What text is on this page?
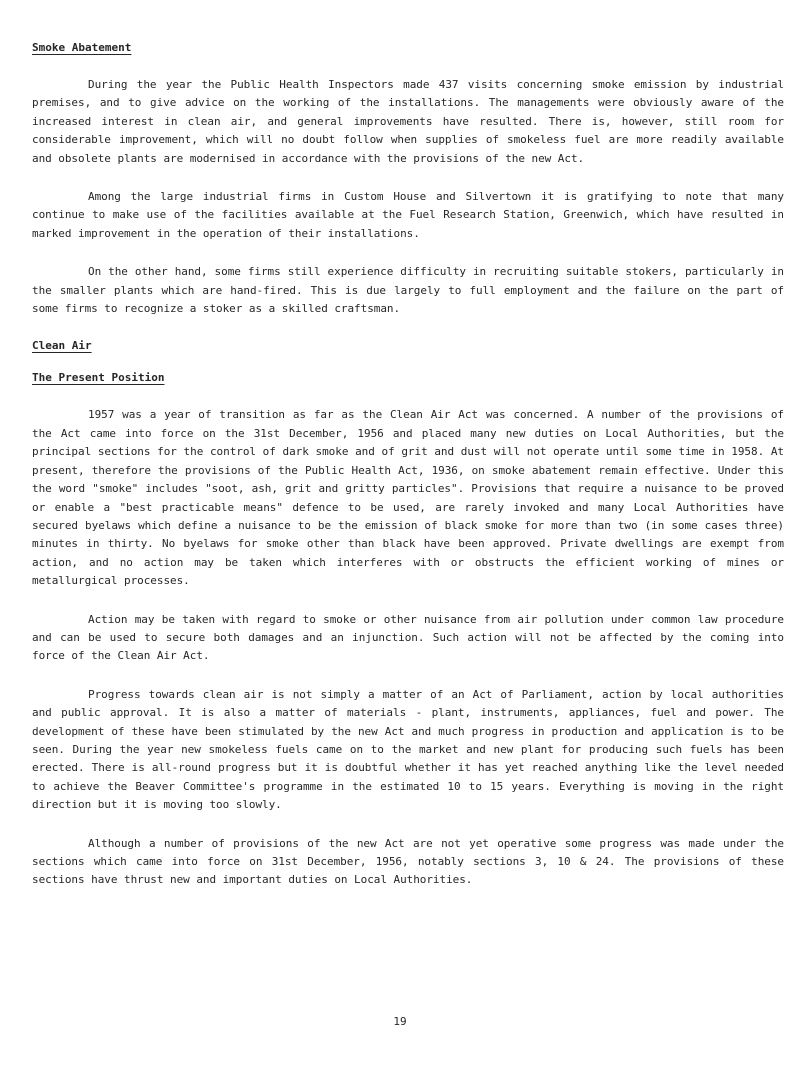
Smoke Abatement

During the year the Public Health Inspectors made 437 visits concerning smoke emission by industrial premises, and to give advice on the working of the installations. The managements were obviously aware of the increased interest in clean air, and general improvements have resulted. There is, however, still room for considerable improvement, which will no doubt follow when supplies of smokeless fuel are more readily available and obsolete plants are modernised in accordance with the provisions of the new Act.

Among the large industrial firms in Custom House and Silvertown it is gratifying to note that many continue to make use of the facilities available at the Fuel Research Station, Greenwich, which have resulted in marked improvement in the operation of their installations.

On the other hand, some firms still experience difficulty in recruiting suitable stokers, particularly in the smaller plants which are hand-fired. This is due largely to full employment and the failure on the part of some firms to recognize a stoker as a skilled craftsman.

Clean Air
The Present Position

1957 was a year of transition as far as the Clean Air Act was concerned. A number of the provisions of the Act came into force on the 31st December, 1956 and placed many new duties on Local Authorities, but the principal sections for the control of dark smoke and of grit and dust will not operate until some time in 1958. At present, therefore the provisions of the Public Health Act, 1936, on smoke abatement remain effective. Under this the word "smoke" includes "soot, ash, grit and gritty particles". Provisions that require a nuisance to be proved or enable a "best practicable means" defence to be used, are rarely invoked and many Local Authorities have secured byelaws which define a nuisance to be the emission of black smoke for more than two (in some cases three) minutes in thirty. No byelaws for smoke other than black have been approved. Private dwellings are exempt from action, and no action may be taken which interferes with or obstructs the efficient working of mines or metallurgical processes.

Action may be taken with regard to smoke or other nuisance from air pollution under common law procedure and can be used to secure both damages and an injunction. Such action will not be affected by the coming into force of the Clean Air Act.

Progress towards clean air is not simply a matter of an Act of Parliament, action by local authorities and public approval. It is also a matter of materials - plant, instruments, appliances, fuel and power. The development of these have been stimulated by the new Act and much progress in production and application is to be seen. During the year new smokeless fuels came on to the market and new plant for producing such fuels has been erected. There is all-round progress but it is doubtful whether it has yet reached anything like the level needed to achieve the Beaver Committee's programme in the estimated 10 to 15 years. Everything is moving in the right direction but it is moving too slowly.

Although a number of provisions of the new Act are not yet operative some progress was made under the sections which came into force on 31st December, 1956, notably sections 3, 10 & 24. The provisions of these sections have thrust new and important duties on Local Authorities.

19
